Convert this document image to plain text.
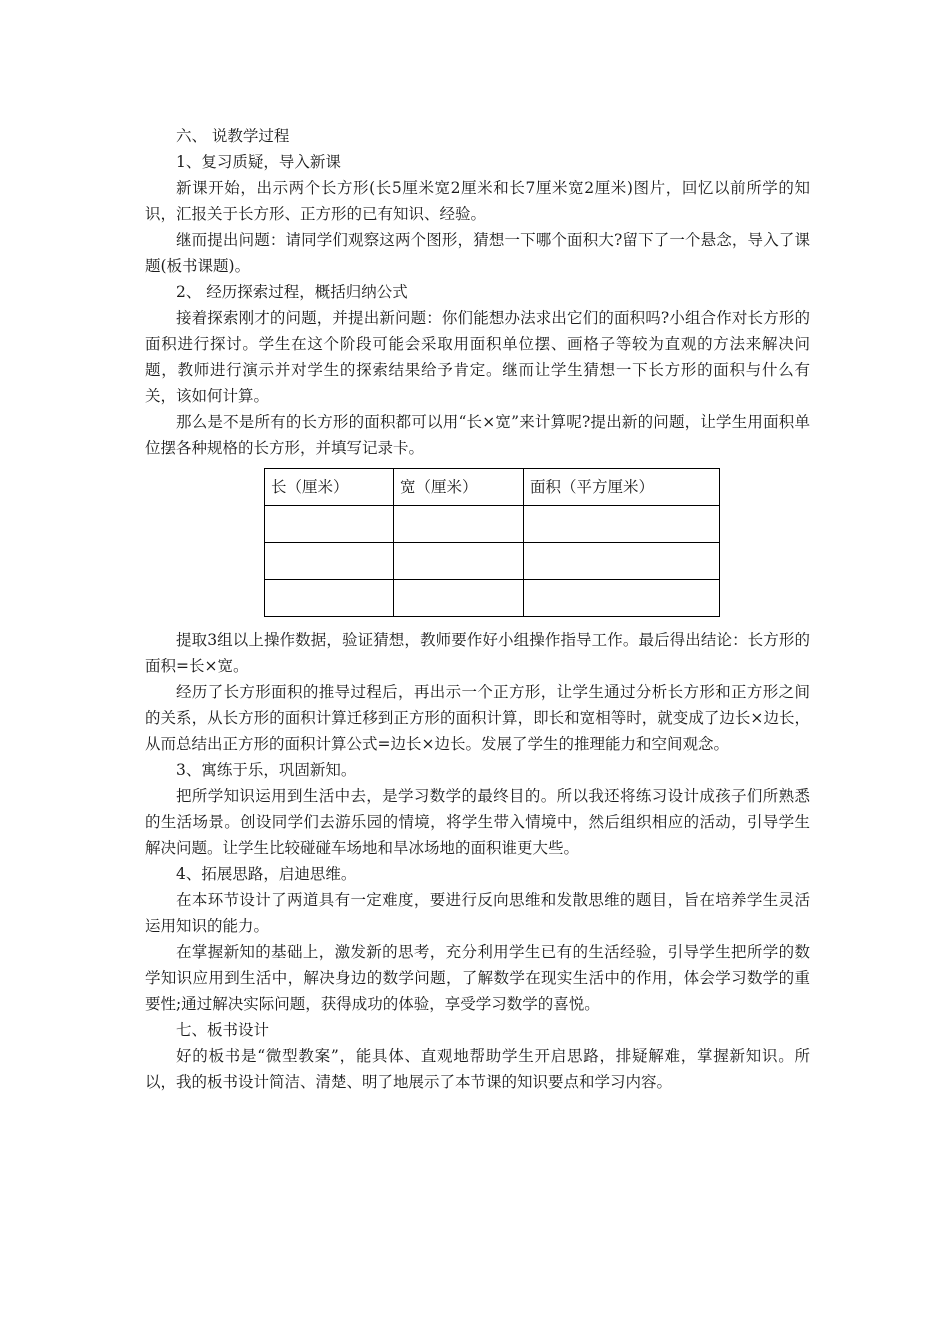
六、 说教学过程

1、复习质疑，导入新课

新课开始，出示两个长方形(长5厘米宽2厘米和长7厘米宽2厘米)图片，回忆以前所学的知识，汇报关于长方形、正方形的已有知识、经验。

继而提出问题：请同学们观察这两个图形，猜想一下哪个面积大?留下了一个悬念，导入了课题(板书课题)。

2、 经历探索过程，概括归纳公式

接着探索刚才的问题，并提出新问题：你们能想办法求出它们的面积吗?小组合作对长方形的面积进行探讨。学生在这个阶段可能会采取用面积单位摆、画格子等较为直观的方法来解决问题，教师进行演示并对学生的探索结果给予肯定。继而让学生猜想一下长方形的面积与什么有关，该如何计算。

那么是不是所有的长方形的面积都可以用“长×宽”来计算呢?提出新的问题，让学生用面积单位摆各种规格的长方形，并填写记录卡。

长（厘米）	宽（厘米）	面积（平方厘米）

提取3组以上操作数据，验证猜想，教师要作好小组操作指导工作。最后得出结论：长方形的面积=长×宽。

经历了长方形面积的推导过程后，再出示一个正方形，让学生通过分析长方形和正方形之间的关系，从长方形的面积计算迁移到正方形的面积计算，即长和宽相等时，就变成了边长×边长，从而总结出正方形的面积计算公式=边长×边长。发展了学生的推理能力和空间观念。

3、寓练于乐，巩固新知。

把所学知识运用到生活中去，是学习数学的最终目的。所以我还将练习设计成孩子们所熟悉的生活场景。创设同学们去游乐园的情境，将学生带入情境中，然后组织相应的活动，引导学生解决问题。让学生比较碰碰车场地和旱冰场地的面积谁更大些。

4、拓展思路，启迪思维。

在本环节设计了两道具有一定难度，要进行反向思维和发散思维的题目，旨在培养学生灵活运用知识的能力。

在掌握新知的基础上，激发新的思考，充分利用学生已有的生活经验，引导学生把所学的数学知识应用到生活中，解决身边的数学问题，了解数学在现实生活中的作用，体会学习数学的重要性;通过解决实际问题，获得成功的体验，享受学习数学的喜悦。

七、板书设计

好的板书是“微型教案”，能具体、直观地帮助学生开启思路，排疑解难，掌握新知识。所以，我的板书设计简洁、清楚、明了地展示了本节课的知识要点和学习内容。
